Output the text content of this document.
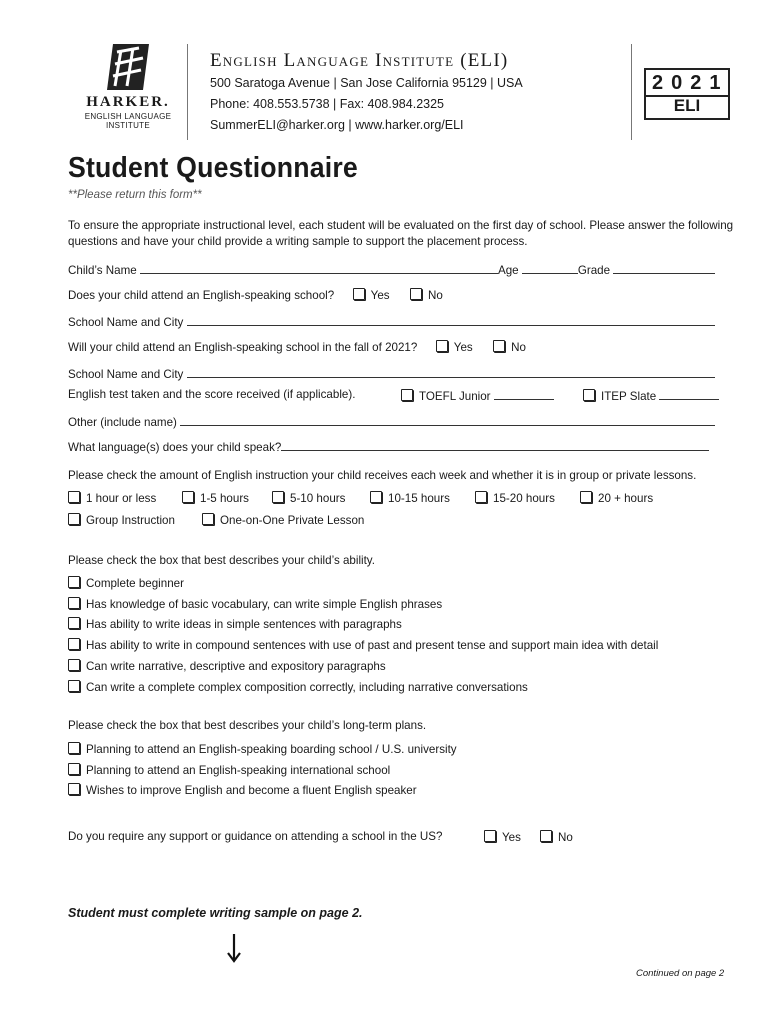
HARKER.
ENGLISH LANGUAGE
INSTITUTE
English Language Institute (ELI)
500 Saratoga Avenue | San Jose California 95129 | USA
Phone: 408.553.5738 | Fax: 408.984.2325
SummerELI@harker.org | www.harker.org/ELI
2021
ELI
Student Questionnaire
**Please return this form**
To ensure the appropriate instructional level, each student will be evaluated on the first day of school. Please answer the following questions and have your child provide a writing sample to support the placement process.
Child’s Name	Age	Grade
Does your child attend an English-speaking school?	Yes	No
School Name and City
Will your child attend an English-speaking school in the fall of 2021?	Yes	No
School Name and City
English test taken and the score received (if applicable).	TOEFL Junior	ITEP Slate
Other (include name)
What language(s) does your child speak?
Please check the amount of English instruction your child receives each week and whether it is in group or private lessons.
1 hour or less	1-5 hours	5-10 hours	10-15 hours	15-20 hours	20 + hours
Group Instruction	One-on-One Private Lesson
Please check the box that best describes your child’s ability.
Complete beginner
Has knowledge of basic vocabulary, can write simple English phrases
Has ability to write ideas in simple sentences with paragraphs
Has ability to write in compound sentences with use of past and present tense and support main idea with detail
Can write narrative, descriptive and expository paragraphs
Can write a complete complex composition correctly, including narrative conversations
Please check the box that best describes your child’s long-term plans.
Planning to attend an English-speaking boarding school / U.S. university
Planning to attend an English-speaking international school
Wishes to improve English and become a fluent English speaker
Do you require any support or guidance on attending a school in the US?	Yes	No
Student must complete writing sample on page 2.
Continued on page 2
